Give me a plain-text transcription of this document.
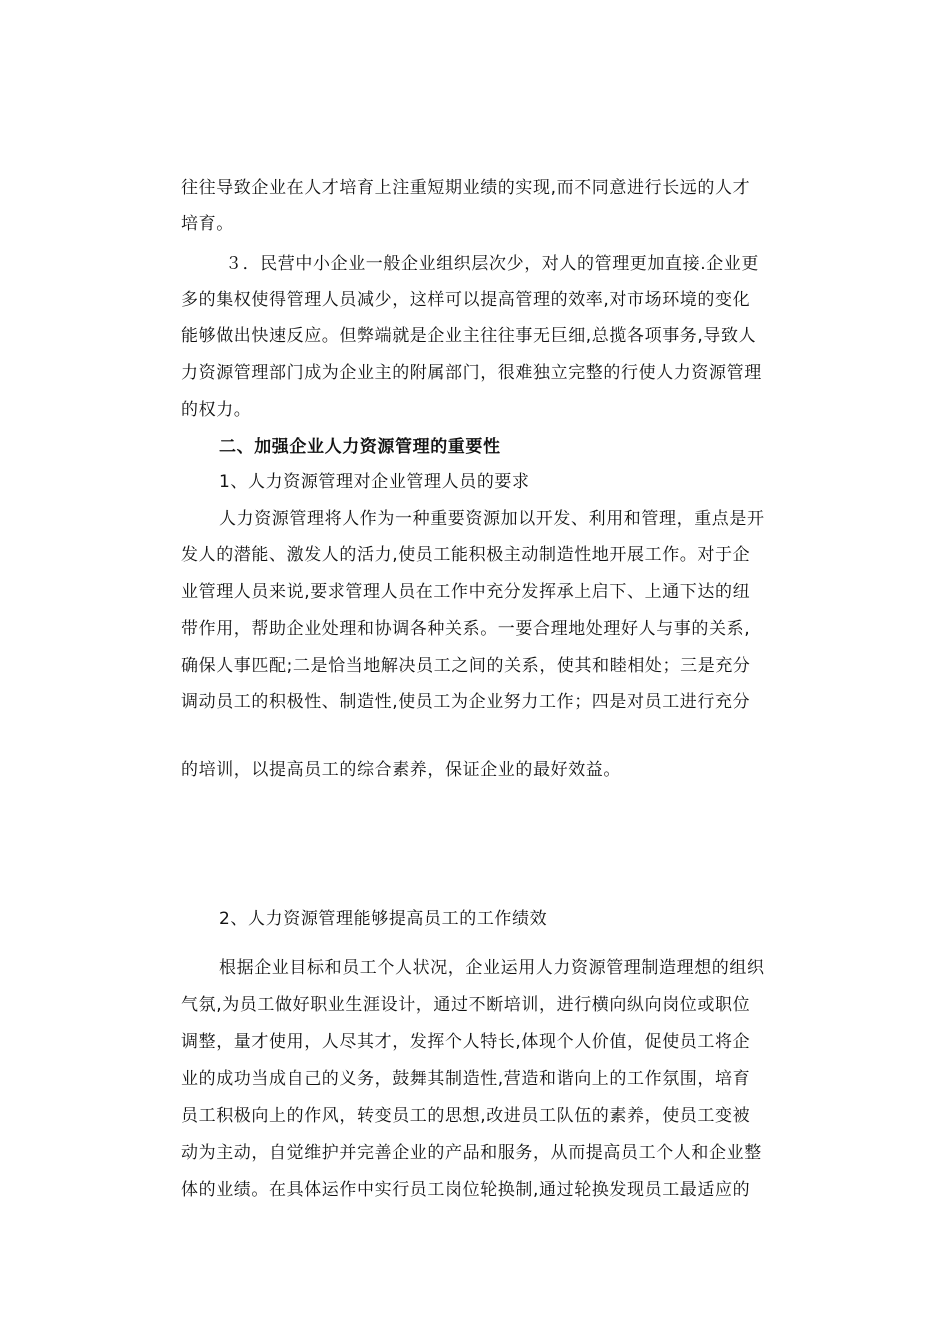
往往导致企业在人才培育上注重短期业绩的实现,而不同意进行长远的人才
培育。
３．民营中小企业一般企业组织层次少，对人的管理更加直接.企业更
多的集权使得管理人员减少，这样可以提高管理的效率,对市场环境的变化
能够做出快速反应。但弊端就是企业主往往事无巨细,总揽各项事务,导致人
力资源管理部门成为企业主的附属部门，很难独立完整的行使人力资源管理
的权力。
二、加强企业人力资源管理的重要性
1、人力资源管理对企业管理人员的要求
人力资源管理将人作为一种重要资源加以开发、利用和管理，重点是开
发人的潜能、激发人的活力,使员工能积极主动制造性地开展工作。对于企
业管理人员来说,要求管理人员在工作中充分发挥承上启下、上通下达的纽
带作用，帮助企业处理和协调各种关系。一要合理地处理好人与事的关系,
确保人事匹配;二是恰当地解决员工之间的关系，使其和睦相处；三是充分
调动员工的积极性、制造性,使员工为企业努力工作；四是对员工进行充分
的培训，以提高员工的综合素养，保证企业的最好效益。
2、人力资源管理能够提高员工的工作绩效
根据企业目标和员工个人状况，企业运用人力资源管理制造理想的组织
气氛,为员工做好职业生涯设计，通过不断培训，进行横向纵向岗位或职位
调整，量才使用，人尽其才，发挥个人特长,体现个人价值，促使员工将企
业的成功当成自己的义务，鼓舞其制造性,营造和谐向上的工作氛围，培育
员工积极向上的作风，转变员工的思想,改进员工队伍的素养，使员工变被
动为主动，自觉维护并完善企业的产品和服务，从而提高员工个人和企业整
体的业绩。在具体运作中实行员工岗位轮换制,通过轮换发现员工最适应的
